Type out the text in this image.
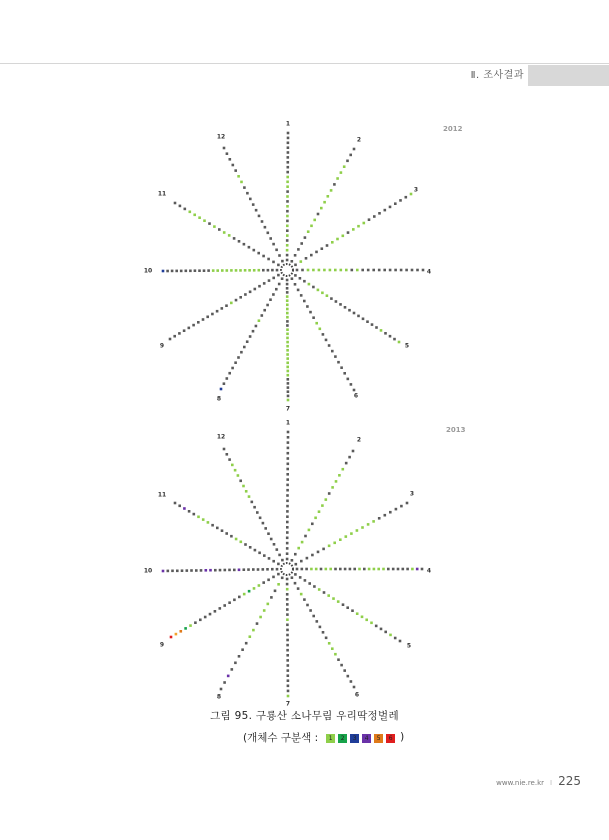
Ⅱ. 조사결과
2012
1
2
3
4
5
6
7
8
9
10
11
12
2013
1
2
3
4
5
6
7
8
9
10
11
12
그림 95. 구룡산 소나무림 우리딱정벌레
(개체수 구분색 :	1 2 3 4 5 6 )
www.nie.re.kr I 225
